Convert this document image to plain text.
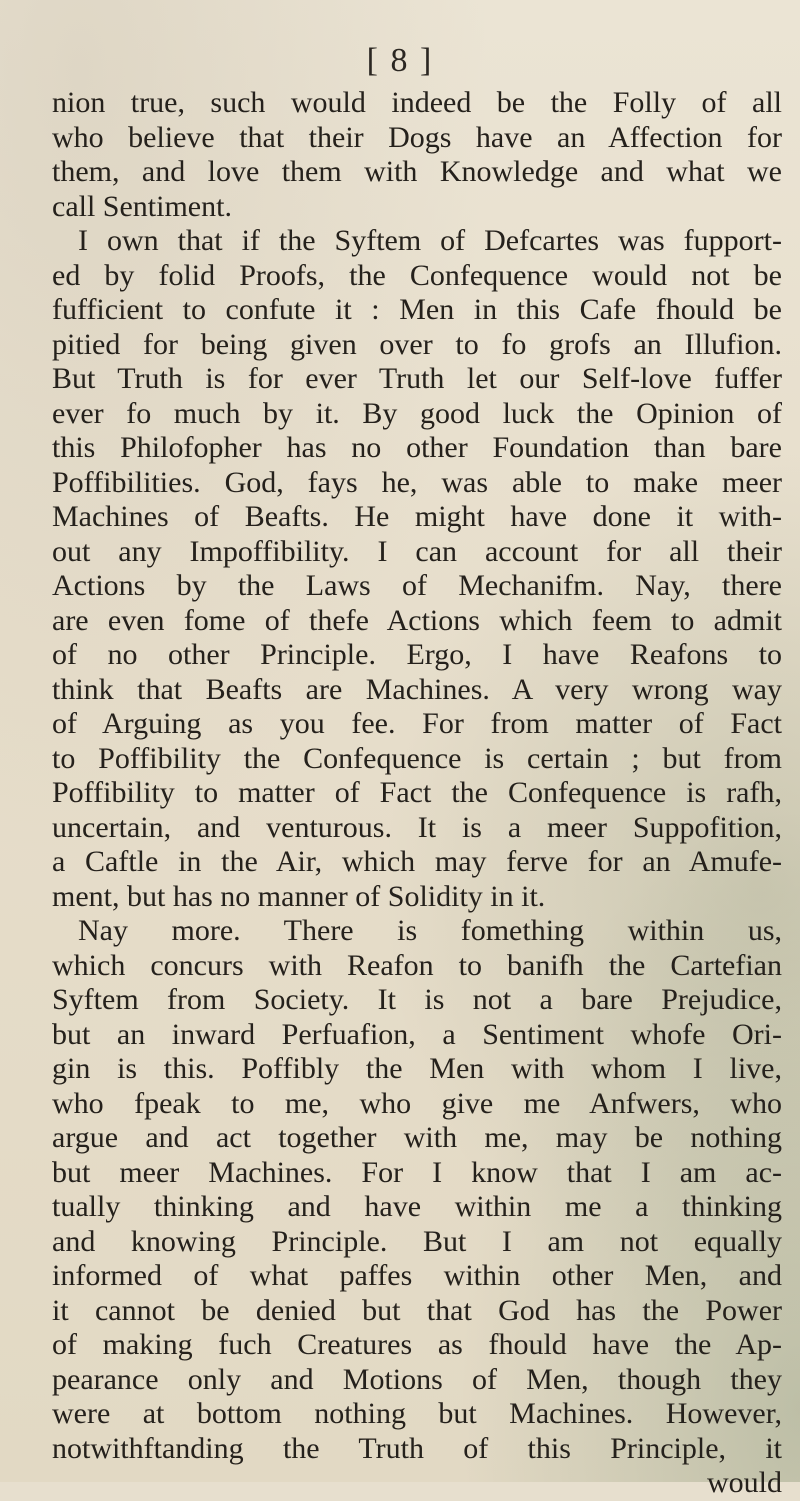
[ 8 ]
nion true, such would indeed be the Folly of all
who believe that their Dogs have an Affection for
them, and love them with Knowledge and what we
call Sentiment.
I own that if the Syftem of Defcartes was fupport-
ed by folid Proofs, the Confequence would not be
fufficient to confute it : Men in this Cafe fhould be
pitied for being given over to fo grofs an Illufion.
But Truth is for ever Truth let our Self-love fuffer
ever fo much by it. By good luck the Opinion of
this Philofopher has no other Foundation than bare
Poffibilities. God, fays he, was able to make meer
Machines of Beafts. He might have done it with-
out any Impoffibility. I can account for all their
Actions by the Laws of Mechanifm. Nay, there
are even fome of thefe Actions which feem to admit
of no other Principle. Ergo, I have Reafons to
think that Beafts are Machines. A very wrong way
of Arguing as you fee. For from matter of Fact
to Poffibility the Confequence is certain ; but from
Poffibility to matter of Fact the Confequence is rafh,
uncertain, and venturous. It is a meer Suppofition,
a Caftle in the Air, which may ferve for an Amufe-
ment, but has no manner of Solidity in it.
Nay more. There is fomething within us,
which concurs with Reafon to banifh the Cartefian
Syftem from Society. It is not a bare Prejudice,
but an inward Perfuafion, a Sentiment whofe Ori-
gin is this. Poffibly the Men with whom I live,
who fpeak to me, who give me Anfwers, who
argue and act together with me, may be nothing
but meer Machines. For I know that I am ac-
tually thinking and have within me a thinking
and knowing Principle. But I am not equally
informed of what paffes within other Men, and
it cannot be denied but that God has the Power
of making fuch Creatures as fhould have the Ap-
pearance only and Motions of Men, though they
were at bottom nothing but Machines. However,
notwithftanding the Truth of this Principle, it
would
